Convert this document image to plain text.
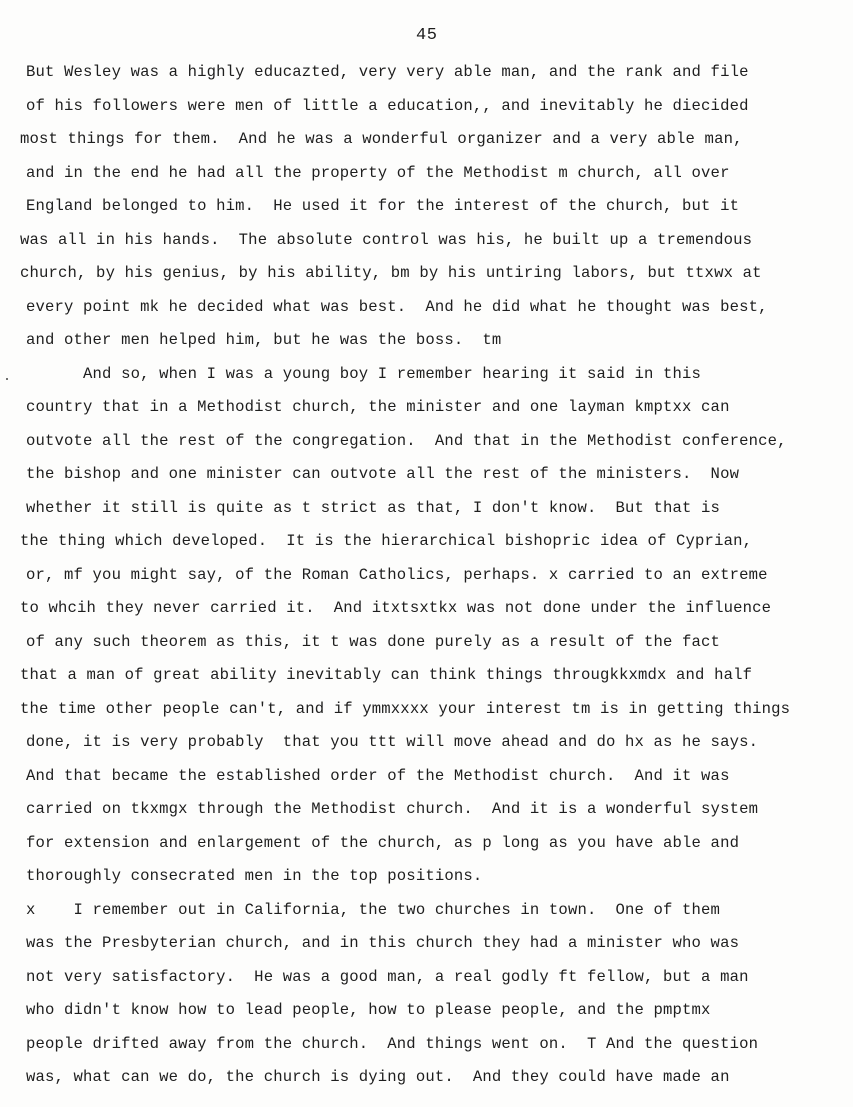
45
But Wesley was a highly educazted, very very able man, and the rank and file
of his followers were men of little a education,, and inevitably he diecided
most things for them.  And he was a wonderful organizer and a very able man,
and in the end he had all the property of the Methodist m church, all over
England belonged to him.  He used it for the interest of the church, but it
was all in his hands.  The absolute control was his, he built up a tremendous
church, by his genius, by his ability, bm by his untiring labors, but ttxwx at
every point mk he decided what was best.  And he did what he thought was best,
and other men helped him, but he was the boss.  tm
And so, when I was a young boy I remember hearing it said in this
country that in a Methodist church, the minister and one layman kmptxx can
outvote all the rest of the congregation.  And that in the Methodist conference,
the bishop and one minister can outvote all the rest of the ministers.  Now
whether it still is quite as t strict as that, I don't know.  But that is
the thing which developed.  It is the hierarchical bishopric idea of Cyprian,
or, mf you might say, of the Roman Catholics, perhaps. x carried to an extreme
to whcih they never carried it.  And itxtsxtkx was not done under the influence
of any such theorem as this, it t was done purely as a result of the fact
that a man of great ability inevitably can think things througkkxmdx and half
the time other people can't, and if ymmxxxx your interest tm is in getting things
done, it is very probably  that you ttt will move ahead and do hx as he says.
And that became the established order of the Methodist church.  And it was
carried on tkxmgx through the Methodist church.  And it is a wonderful system
for extension and enlargement of the church, as p long as you have able and
thoroughly consecrated men in the top positions.
x    I remember out in California, the two churches in town.  One of them
was the Presbyterian church, and in this church they had a minister who was
not very satisfactory.  He was a good man, a real godly ft fellow, but a man
who didn't know how to lead people, how to please people, and the pmptmx
people drifted away from the church.  And things went on.  T And the question
was, what can we do, the church is dying out.  And they could have made an
